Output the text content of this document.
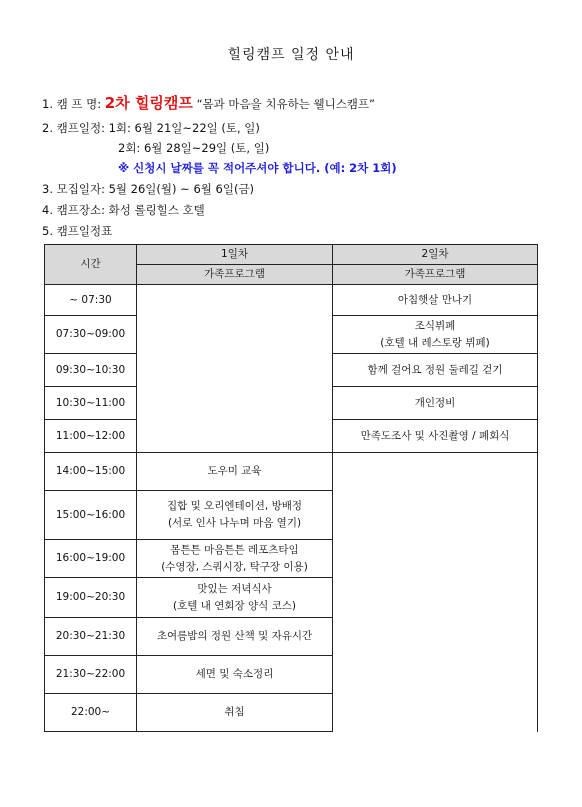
힐링캠프 일정 안내
1. 캠 프 명: 2차 힐링캠프 “몸과 마음을 치유하는 웰니스캠프”
2. 캠프일정: 1회: 6월 21일~22일 (토, 일)
2회: 6월 28일~29일 (토, 일)
※ 신청시 날짜를 꼭 적어주셔야 합니다. (예: 2차 1회)
3. 모집일자: 5월 26일(월) ~ 6월 6일(금)
4. 캠프장소: 화성 롤링힐스 호텔
5. 캠프일정표
시간	1일차	2일차
	가족프로그램	가족프로그램
~ 07:30		아침햇살 만나기
07:30~09:00		조식뷔페
(호텔 내 레스토랑 뷔페)
09:30~10:30		함께 걸어요 정원 둘레길 걷기
10:30~11:00		개인정비
11:00~12:00		만족도조사 및 사진촬영 / 폐회식
14:00~15:00	도우미 교육	
15:00~16:00	집합 및 오리엔테이션, 방배정
(서로 인사 나누며 마음 열기)	
16:00~19:00	몸튼튼 마음튼튼 레포츠타임
(수영장, 스쿼시장, 탁구장 이용)	
19:00~20:30	맛있는 저녁식사
(호텔 내 연회장 양식 코스)	
20:30~21:30	초여름밤의 정원 산책 및 자유시간	
21:30~22:00	세면 및 숙소정리	
22:00~	취침	
